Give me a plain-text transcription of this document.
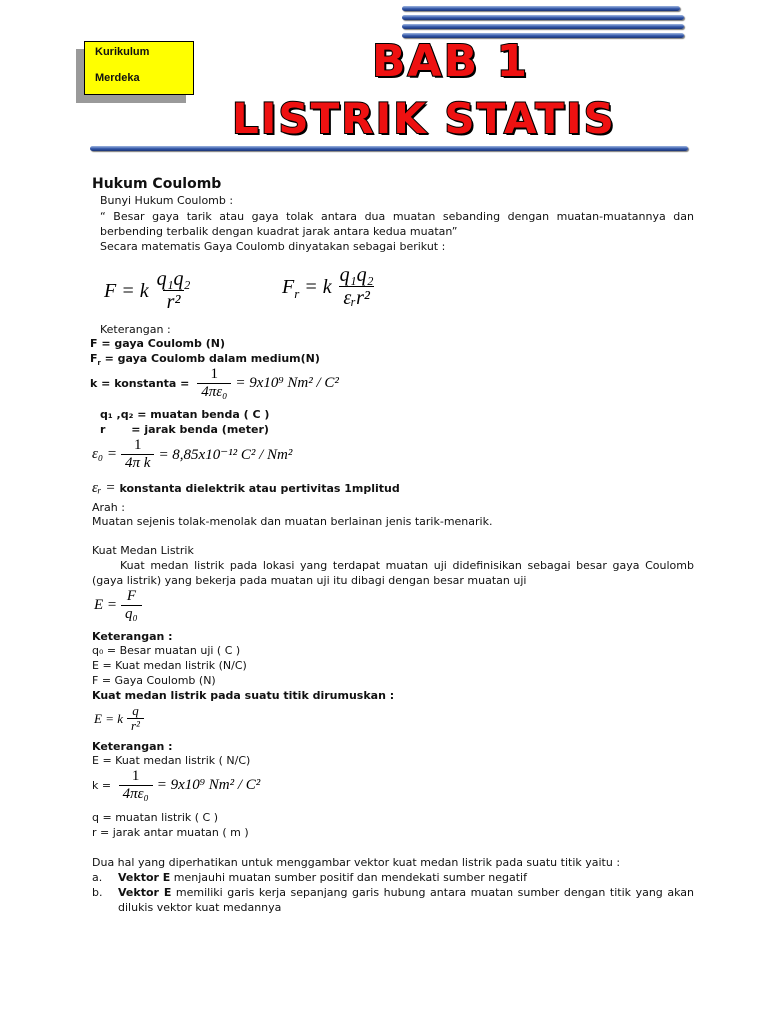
Kurikulum
Merdeka	BAB 1
LISTRIK STATIS
Hukum Coulomb
Bunyi Hukum Coulomb :
“ Besar gaya tarik atau gaya tolak antara dua muatan sebanding dengan muatan-muatannya dan berbending terbalik dengan kuadrat jarak antara kedua muatan”
Secara matematis Gaya Coulomb dinyatakan sebagai berikut :
F = k $\frac{\text{q₁q₂}}{\text{r²}}$	F r = k $\frac{\text{q₁q₂}}{\text{εᵣr²}}$
Keterangan :
F = gaya Coulomb (N)
$F_r$ = gaya Coulomb dalam medium(N)
k = konstanta = $\frac{1}{\text{4πε₀}} = 9x10^9$ Nm² / C²
q₁ ,q₂ = muatan benda ( C )
r = jarak benda (meter)
$\varepsilon_0 = \frac{1}{\text{4π k}} = 8,85x10^{-12}$ C² / Nm²
εᵣ = konstanta dielektrik atau pertivitas 1mplitud
Arah :
Muatan sejenis tolak-menolak dan muatan berlainan jenis tarik-menarik.
Kuat Medan Listrik
Kuat medan listrik pada lokasi yang terdapat muatan uji didefinisikan sebagai besar gaya Coulomb (gaya listrik) yang bekerja pada muatan uji itu dibagi dengan besar muatan uji
$E = \frac{F}{\text{q₀}}$
Keterangan :
q₀ = Besar muatan uji ( C )
E = Kuat medan listrik (N/C)
F = Gaya Coulomb (N)
Kuat medan listrik pada suatu titik dirumuskan :
E = k $\frac{q}{\text{r²}}$
Keterangan :
E = Kuat medan listrik ( N/C)
$k = \frac{1}{\text{4πε₀}} = 9x10^9$ Nm² / C²
q = muatan listrik ( C )
r = jarak antar muatan ( m )
Dua hal yang diperhatikan untuk menggambar vektor kuat medan listrik pada suatu titik yaitu :
a. Vektor E menjauhi muatan sumber positif dan mendekati sumber negatif
b.	Vektor E memiliki garis kerja sepanjang garis hubung antara muatan sumber dengan titik yang akan dilukis vektor kuat medannya
